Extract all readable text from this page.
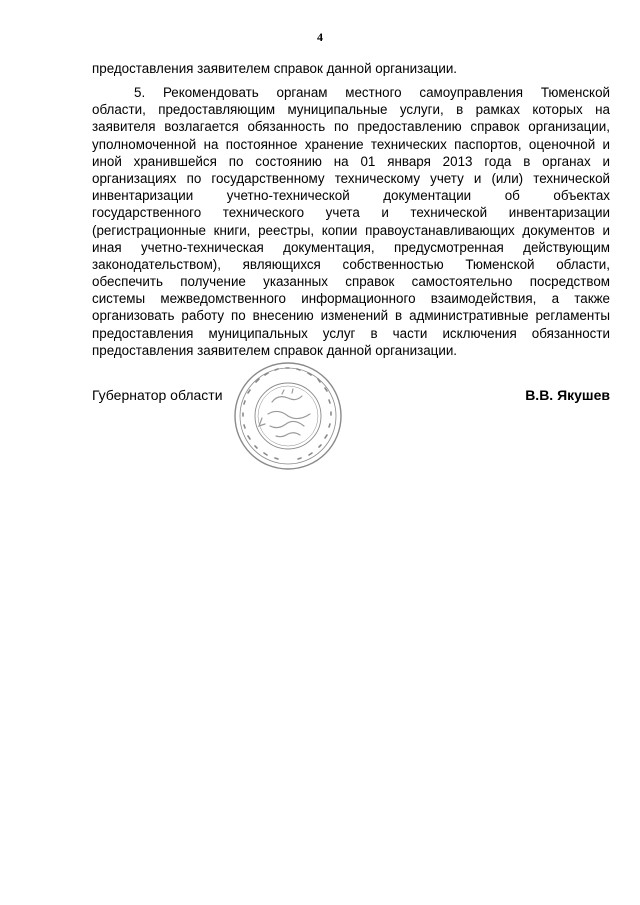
4
предоставления заявителем справок данной организации.
5. Рекомендовать органам местного самоуправления Тюменской
области, предоставляющим муниципальные услуги, в рамках которых на
заявителя возлагается обязанность по предоставлению справок организации,
уполномоченной на постоянное хранение технических паспортов, оценочной и
иной хранившейся по состоянию на 01 января 2013 года в органах и
организациях по государственному техническому учету и (или) технической
инвентаризации учетно-технической документации об объектах
государственного технического учета и технической инвентаризации
(регистрационные книги, реестры, копии правоустанавливающих документов и
иная учетно-техническая документация, предусмотренная действующим
законодательством), являющихся собственностью Тюменской области,
обеспечить получение указанных справок самостоятельно посредством
системы межведомственного информационного взаимодействия, а также
организовать работу по внесению изменений в административные регламенты
предоставления муниципальных услуг в части исключения обязанности
предоставления заявителем справок данной организации.
Губернатор области	В.В. Якушев
